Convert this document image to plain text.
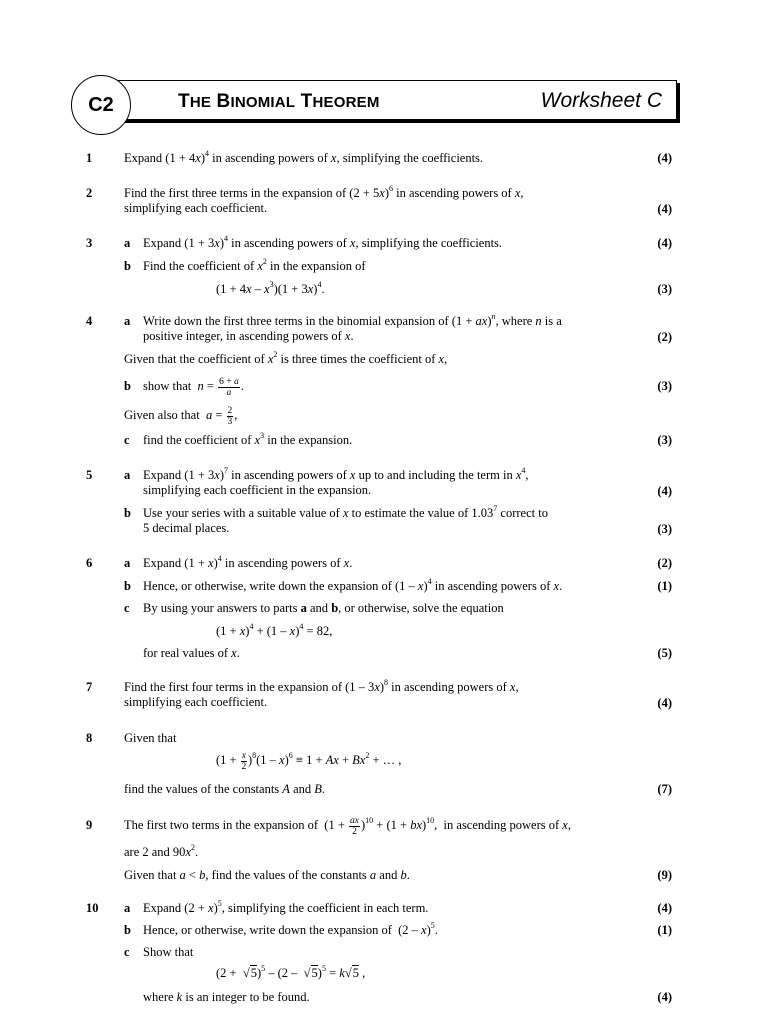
THE BINOMIAL THEOREM	Worksheet C
C2
1	Expand $(1 + 4x)^4$ in ascending powers of x, simplifying the coefficients.	(4)
2	Find the first three terms in the expansion of $(2 + 5x)^6$ in ascending powers of x,
simplifying each coefficient.	(4)
3	a Expand $(1 + 3x)^4$ in ascending powers of x, simplifying the coefficients.	(4)
b Find the coefficient of $x^2$ in the expansion of
$(1 + 4x - x^3)(1 + 3x)^4$.	(3)
4	a Write down the first three terms in the binomial expansion of (1 + ax)$^n$, where n is a
positive integer, in ascending powers of x.	(2)
Given that the coefficient of $x^2$ is three times the coefficient of x,
b show that  $n = \frac{6 + a}{a}$ .	(3)
Given also that  $a = \frac{2}{3}$ ,
c find the coefficient of $x^3$ in the expansion.	(3)
5	a Expand $(1 + 3x)^7$ in ascending powers of x up to and including the term in $x^4$,
simplifying each coefficient in the expansion.	(4)
b Use your series with a suitable value of x to estimate the value of 1.03$^7$ correct to
5 decimal places.	(3)
6	a Expand $(1 + x)^4$ in ascending powers of x.	(2)
b Hence, or otherwise, write down the expansion of (1 – x)$^4$ in ascending powers of x.	(1)
c By using your answers to parts a and b, or otherwise, solve the equation
$(1 + x)^4 + (1 - x)^4 = 82$,
for real values of x.	(5)
7	Find the first four terms in the expansion of (1 – 3x)$^8$ in ascending powers of x,
simplifying each coefficient.	(4)
8	Given that
$(1 + \frac{x}{2} )^8(1 - x)^6 \equiv 1 + Ax + Bx^2$ + … ,
find the values of the constants A and B.	(7)
9	The first two terms in the expansion of  $(1 + \frac{ax}{2} )^{10} + (1 + bx)^{10}$,  in ascending powers of x,
are 2 and $90x^2$.
Given that a < b, find the values of the constants a and b.	(9)
10 a Expand $(2 + x)^5$, simplifying the coefficient in each term.	(4)
b Hence, or otherwise, write down the expansion of  (2 – x)$^5$.	(1)
c Show that
$(2 + √5)^5 - (2 - √5)^5 = k√5$ ,
where k is an integer to be found.	(4)
